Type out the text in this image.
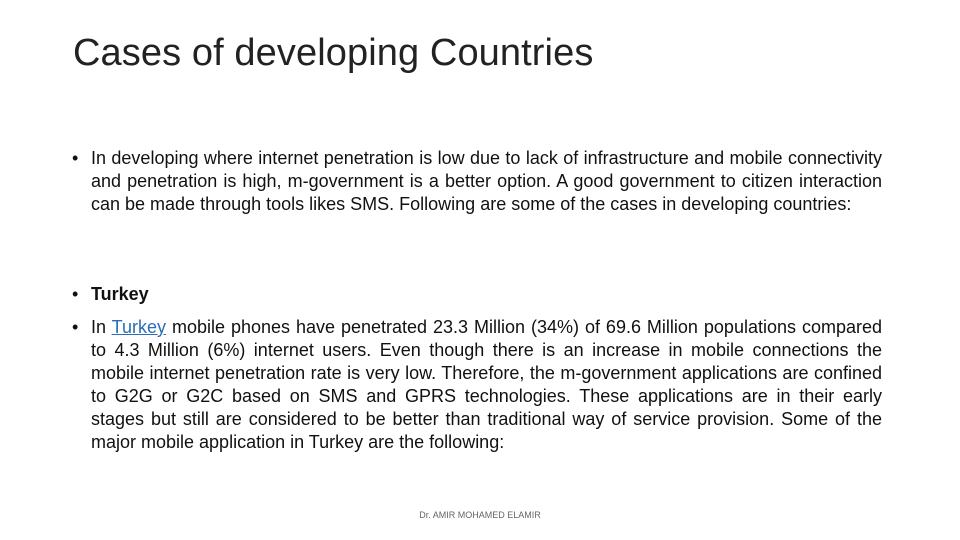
Cases of developing Countries
• In developing where internet penetration is low due to lack of infrastructure and mobile connectivity and penetration is high, m-government is a better option. A good government to citizen interaction can be made through tools likes SMS. Following are some of the cases in developing countries:
• Turkey
• In Turkey mobile phones have penetrated 23.3 Million (34%) of 69.6 Million populations compared to 4.3 Million (6%) internet users. Even though there is an increase in mobile connections the mobile internet penetration rate is very low. Therefore, the m-government applications are confined to G2G or G2C based on SMS and GPRS technologies. These applications are in their early stages but still are considered to be better than traditional way of service provision. Some of the major mobile application in Turkey are the following:
Dr. AMIR MOHAMED ELAMIR
